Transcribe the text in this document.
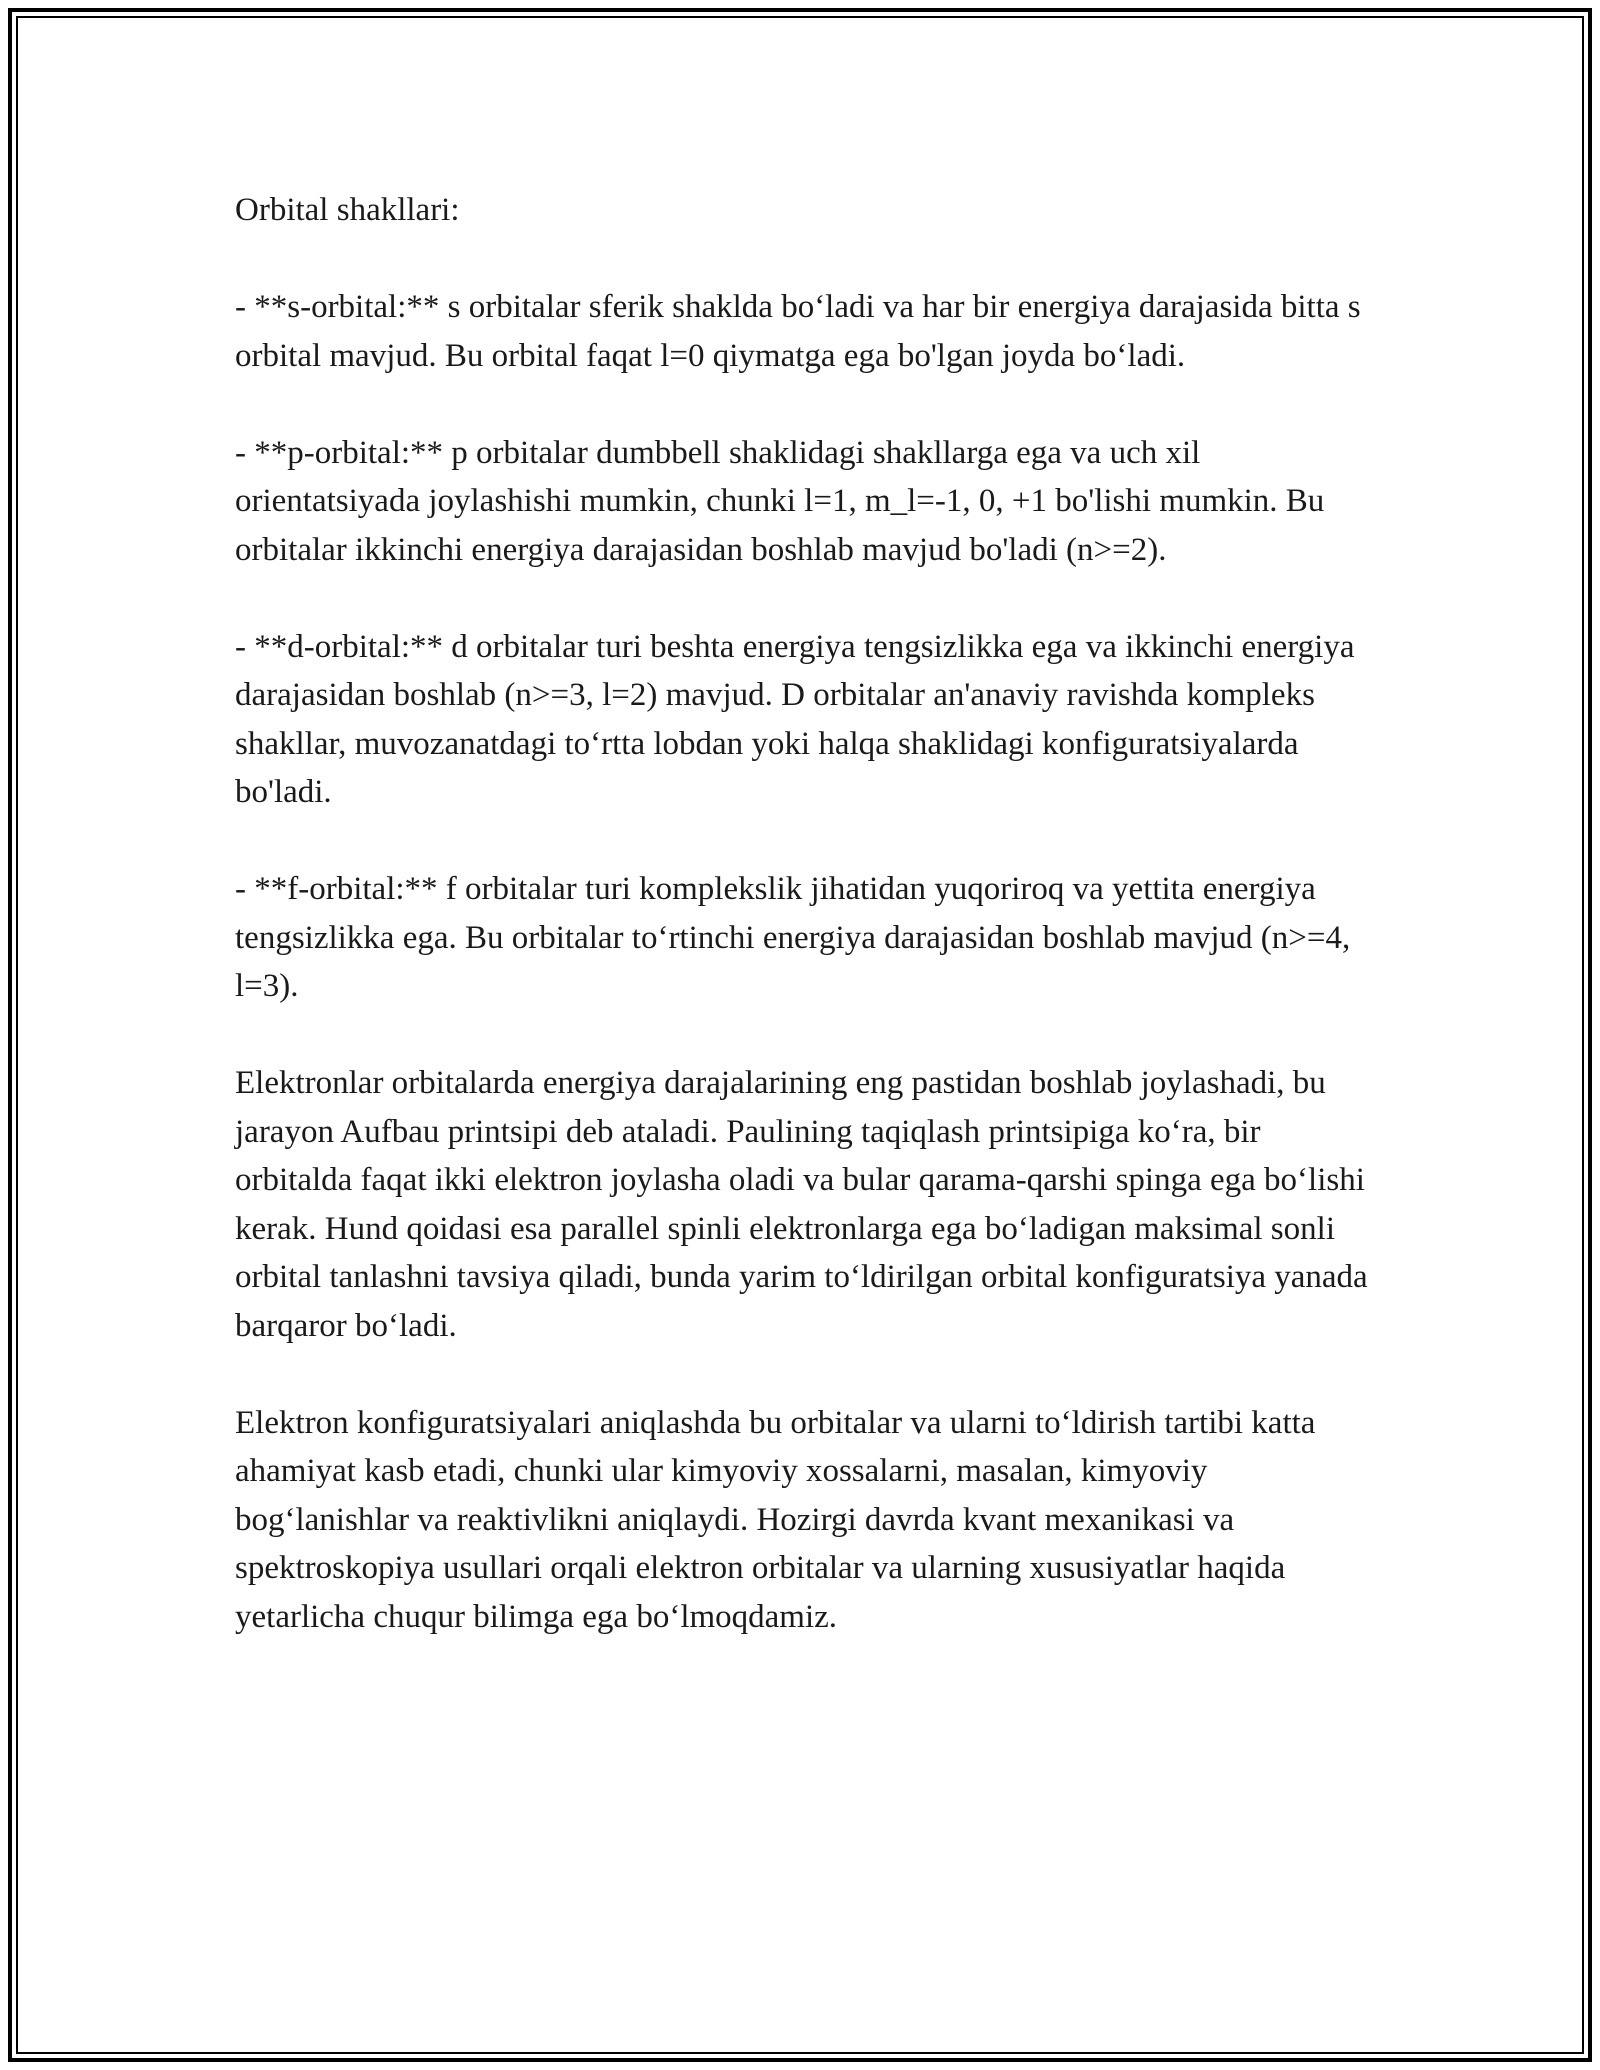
Orbital shakllari:

- **s-orbital:** s orbitalar sferik shaklda bo‘ladi va har bir energiya darajasida bitta s orbital mavjud. Bu orbital faqat l=0 qiymatga ega bo'lgan joyda bo‘ladi.

- **p-orbital:** p orbitalar dumbbell shaklidagi shakllarga ega va uch xil orientatsiyada joylashishi mumkin, chunki l=1, m_l=-1, 0, +1 bo'lishi mumkin. Bu orbitalar ikkinchi energiya darajasidan boshlab mavjud bo'ladi (n>=2).

- **d-orbital:** d orbitalar turi beshta energiya tengsizlikka ega va ikkinchi energiya darajasidan boshlab (n>=3, l=2) mavjud. D orbitalar an'anaviy ravishda kompleks shakllar, muvozanatdagi to‘rtta lobdan yoki halqa shaklidagi konfiguratsiyalarda bo'ladi.

- **f-orbital:** f orbitalar turi komplekslik jihatidan yuqoriroq va yettita energiya tengsizlikka ega. Bu orbitalar to‘rtinchi energiya darajasidan boshlab mavjud (n>=4, l=3).

Elektronlar orbitalarda energiya darajalarining eng pastidan boshlab joylashadi, bu jarayon Aufbau printsipi deb ataladi. Paulining taqiqlash printsipiga ko‘ra, bir orbitalda faqat ikki elektron joylasha oladi va bular qarama-qarshi spinga ega bo‘lishi kerak. Hund qoidasi esa parallel spinli elektronlarga ega bo‘ladigan maksimal sonli orbital tanlashni tavsiya qiladi, bunda yarim to‘ldirilgan orbital konfiguratsiya yanada barqaror bo‘ladi.

Elektron konfiguratsiyalari aniqlashda bu orbitalar va ularni to‘ldirish tartibi katta ahamiyat kasb etadi, chunki ular kimyoviy xossalarni, masalan, kimyoviy bog‘lanishlar va reaktivlikni aniqlaydi. Hozirgi davrda kvant mexanikasi va spektroskopiya usullari orqali elektron orbitalar va ularning xususiyatlar haqida yetarlicha chuqur bilimga ega bo‘lmoqdamiz.
